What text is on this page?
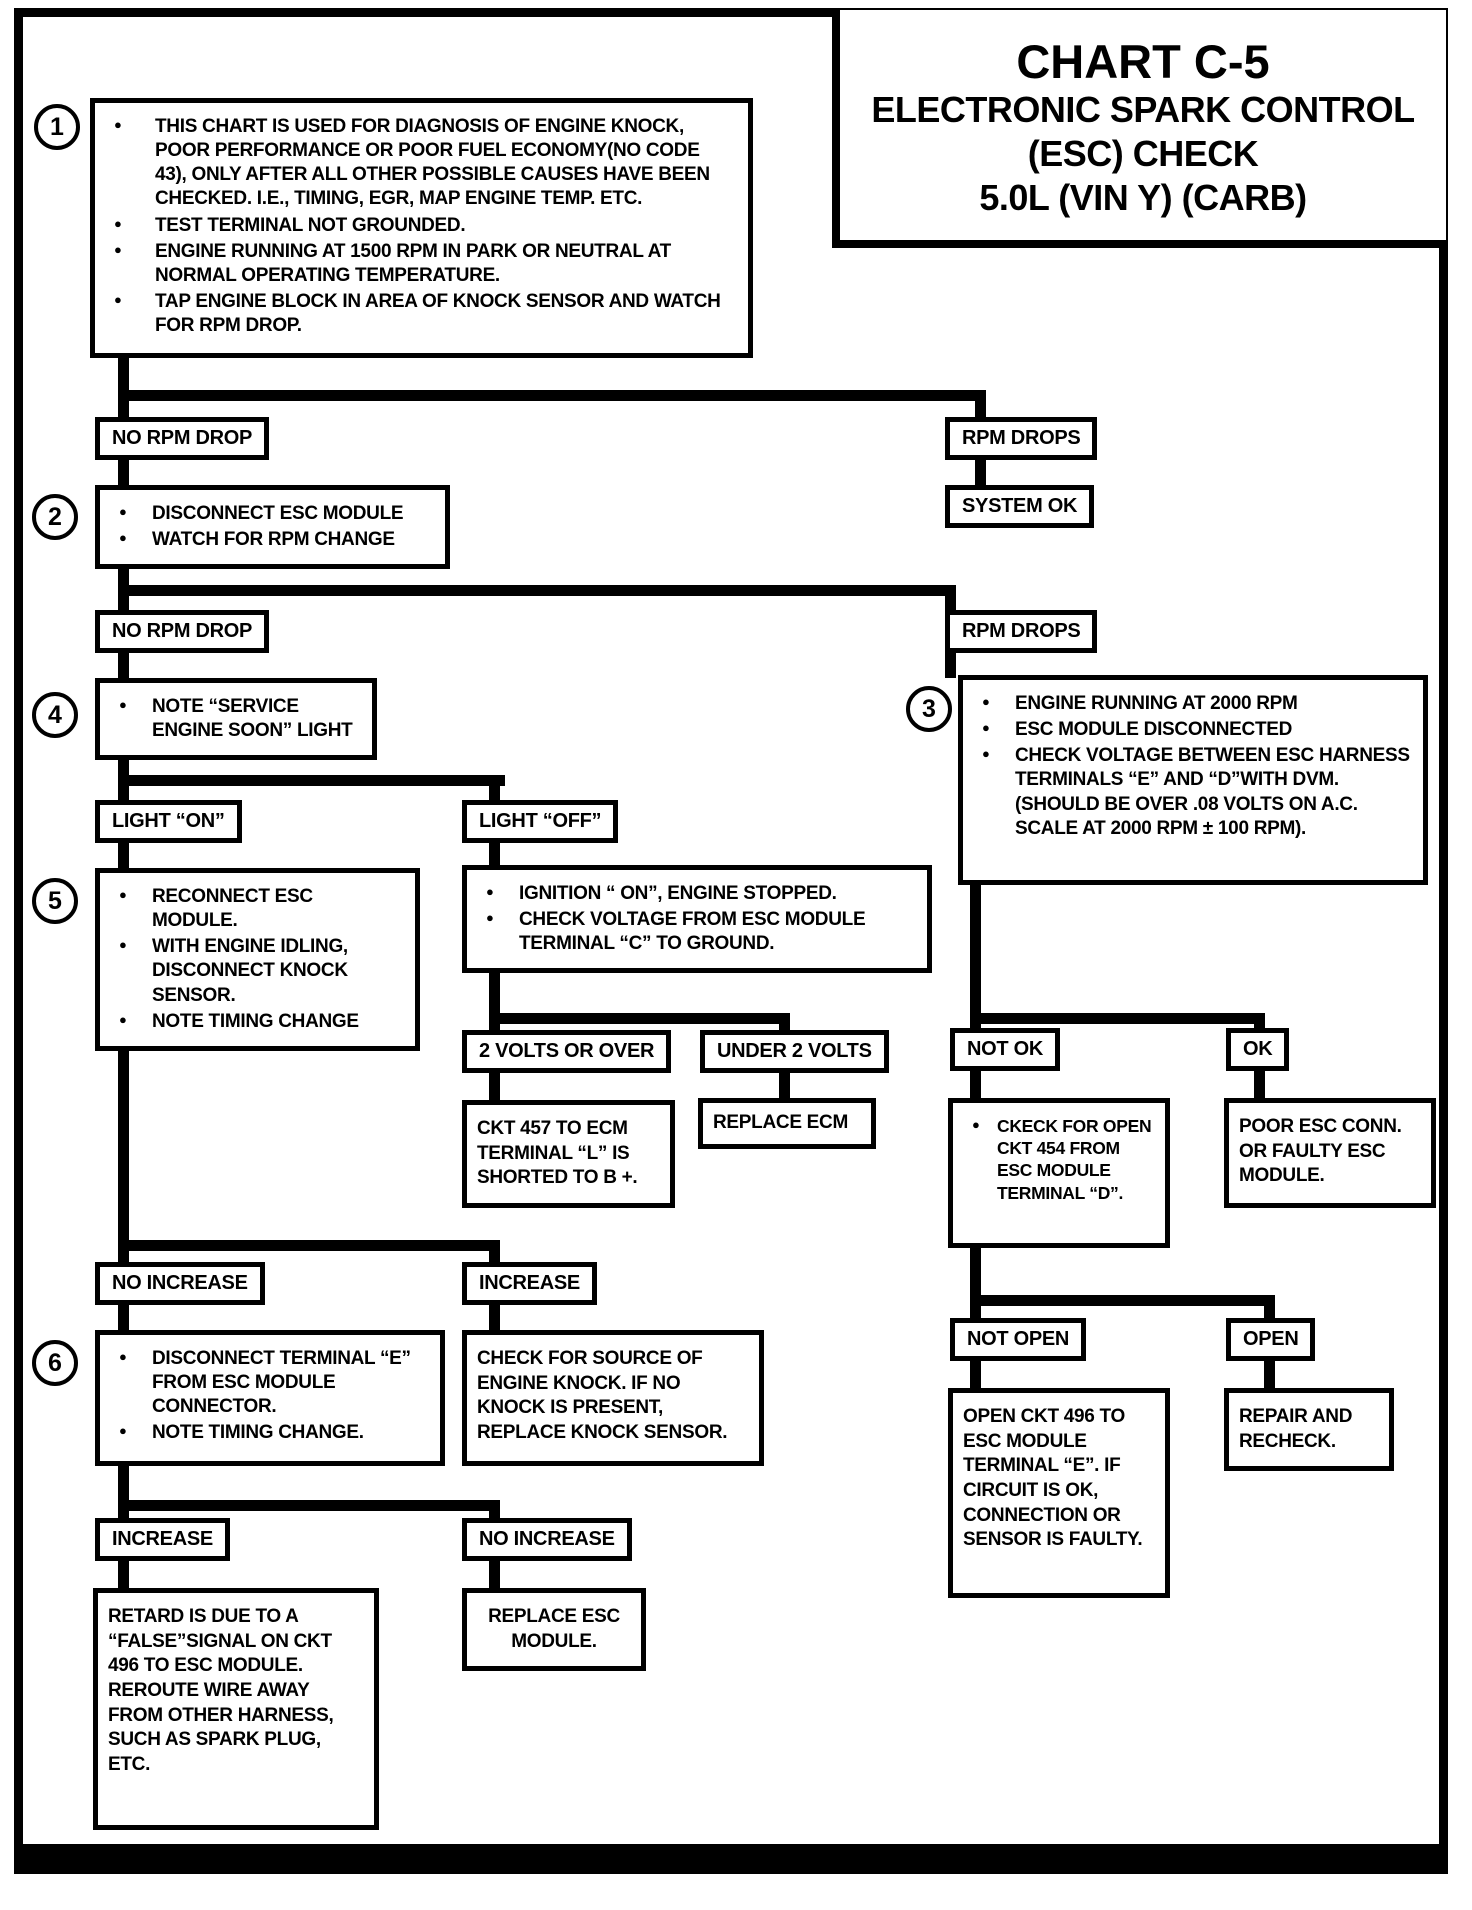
CHART C-5
ELECTRONIC SPARK CONTROL
(ESC) CHECK
5.0L (VIN Y) (CARB)
1
2
3
4
5
6
● THIS CHART IS USED FOR DIAGNOSIS OF ENGINE KNOCK, POOR PERFORMANCE OR POOR FUEL ECONOMY(NO CODE 43), ONLY AFTER ALL OTHER POSSIBLE CAUSES HAVE BEEN CHECKED. I.E., TIMING, EGR, MAP ENGINE TEMP. ETC.
● TEST TERMINAL NOT GROUNDED.
● ENGINE RUNNING AT 1500 RPM IN PARK OR NEUTRAL AT NORMAL OPERATING TEMPERATURE.
● TAP ENGINE BLOCK IN AREA OF KNOCK SENSOR AND WATCH FOR RPM DROP.
NO RPM DROP	RPM DROPS
● DISCONNECT ESC MODULE
● WATCH FOR RPM CHANGE
SYSTEM OK
NO RPM DROP	RPM DROPS
● NOTE “SERVICE ENGINE SOON” LIGHT
● ENGINE RUNNING AT 2000 RPM
● ESC MODULE DISCONNECTED
● CHECK VOLTAGE BETWEEN ESC HARNESS TERMINALS “E” AND “D”WITH DVM. (SHOULD BE OVER .08 VOLTS ON A.C. SCALE AT 2000 RPM ± 100 RPM).
LIGHT “ON”	LIGHT “OFF”
● RECONNECT ESC MODULE.
● WITH ENGINE IDLING, DISCONNECT KNOCK SENSOR.
● NOTE TIMING CHANGE
● IGNITION “ ON”, ENGINE STOPPED.
● CHECK VOLTAGE FROM ESC MODULE TERMINAL “C” TO GROUND.
2 VOLTS OR OVER	UNDER 2 VOLTS
CKT 457 TO ECM TERMINAL “L” IS SHORTED TO B +.
REPLACE ECM
NOT OK	OK
● CKECK FOR OPEN CKT 454 FROM ESC MODULE TERMINAL “D”.
POOR ESC CONN. OR FAULTY ESC MODULE.
NOT OPEN	OPEN
OPEN CKT 496 TO ESC MODULE TERMINAL “E”. IF CIRCUIT IS OK, CONNECTION OR SENSOR IS FAULTY.
REPAIR AND RECHECK.
NO INCREASE	INCREASE
● DISCONNECT TERMINAL “E” FROM ESC MODULE CONNECTOR.
● NOTE TIMING CHANGE.
CHECK FOR SOURCE OF ENGINE KNOCK. IF NO KNOCK IS PRESENT, REPLACE KNOCK SENSOR.
INCREASE	NO INCREASE
RETARD IS DUE TO A “FALSE”SIGNAL ON CKT 496 TO ESC MODULE. REROUTE WIRE AWAY FROM OTHER HARNESS, SUCH AS SPARK PLUG, ETC.
REPLACE ESC MODULE.
